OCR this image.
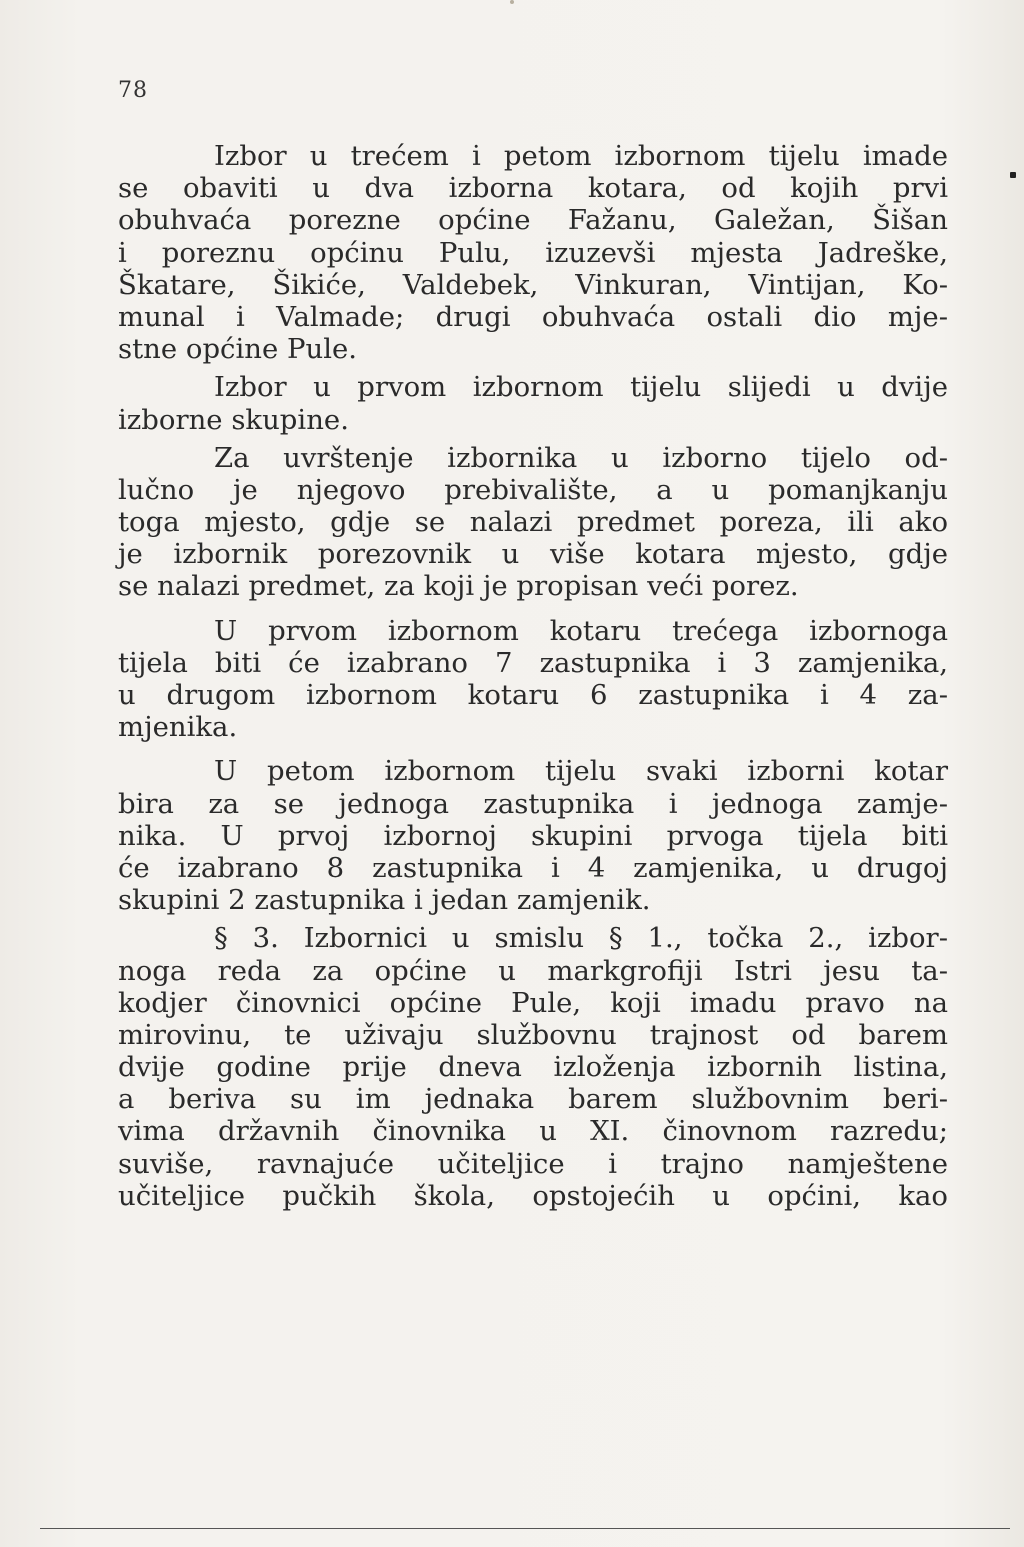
78
Izbor u trećem i petom izbornom tijelu imade
se obaviti u dva izborna kotara, od kojih prvi
obuhvaća porezne općine Fažanu, Galežan, Šišan
i poreznu općinu Pulu, izuzevši mjesta Jadreške,
Škatare, Šikiće, Valdebek, Vinkuran, Vintijan, Ko-
munal i Valmade; drugi obuhvaća ostali dio mje-
stne općine Pule.
Izbor u prvom izbornom tijelu slijedi u dvije
izborne skupine.
Za uvrštenje izbornika u izborno tijelo od-
lučno je njegovo prebivalište, a u pomanjkanju
toga mjesto, gdje se nalazi predmet poreza, ili ako
je izbornik porezovnik u više kotara mjesto, gdje
se nalazi predmet, za koji je propisan veći porez.
U prvom izbornom kotaru trećega izbornoga
tijela biti će izabrano 7 zastupnika i 3 zamjenika,
u drugom izbornom kotaru 6 zastupnika i 4 za-
mjenika.
U petom izbornom tijelu svaki izborni kotar
bira za se jednoga zastupnika i jednoga zamje-
nika. U prvoj izbornoj skupini prvoga tijela biti
će izabrano 8 zastupnika i 4 zamjenika, u drugoj
skupini 2 zastupnika i jedan zamjenik.
§ 3. Izbornici u smislu § 1., točka 2., izbor-
noga reda za općine u markgrofiji Istri jesu ta-
kodjer činovnici općine Pule, koji imadu pravo na
mirovinu, te uživaju službovnu trajnost od barem
dvije godine prije dneva izloženja izbornih listina,
a beriva su im jednaka barem službovnim beri-
vima državnih činovnika u XI. činovnom razredu;
suviše, ravnajuće učiteljice i trajno namještene
učiteljice pučkih škola, opstojećih u općini, kao
